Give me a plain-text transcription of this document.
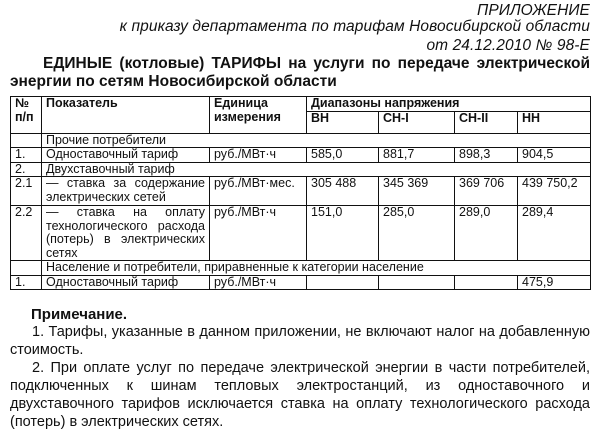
ПРИЛОЖЕНИЕ
к приказу департамента по тарифам Новосибирской области
от 24.12.2010 № 98-Е
ЕДИНЫЕ (котловые) ТАРИФЫ на услуги по передаче электрической энергии по сетям Новосибирской области
№ п/п	Показатель	Единица измерения	Диапазоны напряжения			
			ВН	СН-I	СН-II	НН
	Прочие потребители					
1.	Одноставочный тариф	руб./МВт·ч	585,0	881,7	898,3	904,5
2.	Двухставочный тариф					
2.1	— ставка за содержание электрических сетей	руб./МВт·мес.	305 488	345 369	369 706	439 750,2
2.2	— ставка на оплату технологического расхода (потерь) в электрических сетях	руб./МВт·ч	151,0	285,0	289,0	289,4
	Население и потребители, приравненные к категории население					
1.	Одноставочный тариф	руб./МВт·ч				475,9
Примечание.
1. Тарифы, указанные в данном приложении, не включают налог на добавленную стоимость.
2. При оплате услуг по передаче электрической энергии в части потребителей, подключенных к шинам тепловых электростанций, из одноставочного и двухставочного тарифов исключается ставка на оплату технологического расхода (потерь) в электрических сетях.
